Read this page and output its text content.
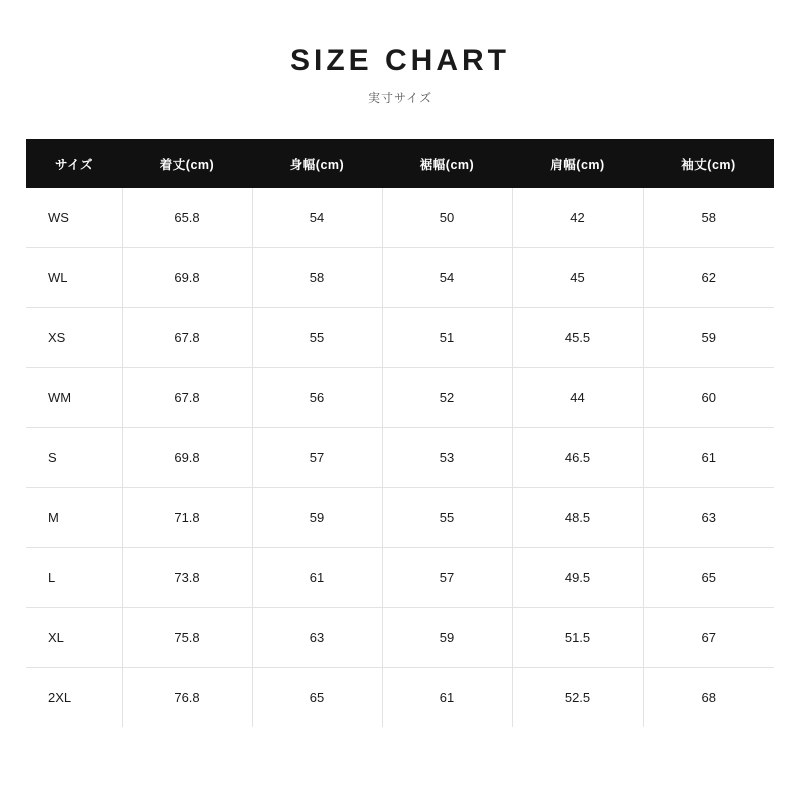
SIZE CHART
実寸サイズ
サイズ	着丈(cm)	身幅(cm)	裾幅(cm)	肩幅(cm)	袖丈(cm)
WS	65.8	54	50	42	58
WL	69.8	58	54	45	62
XS	67.8	55	51	45.5	59
WM	67.8	56	52	44	60
S	69.8	57	53	46.5	61
M	71.8	59	55	48.5	63
L	73.8	61	57	49.5	65
XL	75.8	63	59	51.5	67
2XL	76.8	65	61	52.5	68
